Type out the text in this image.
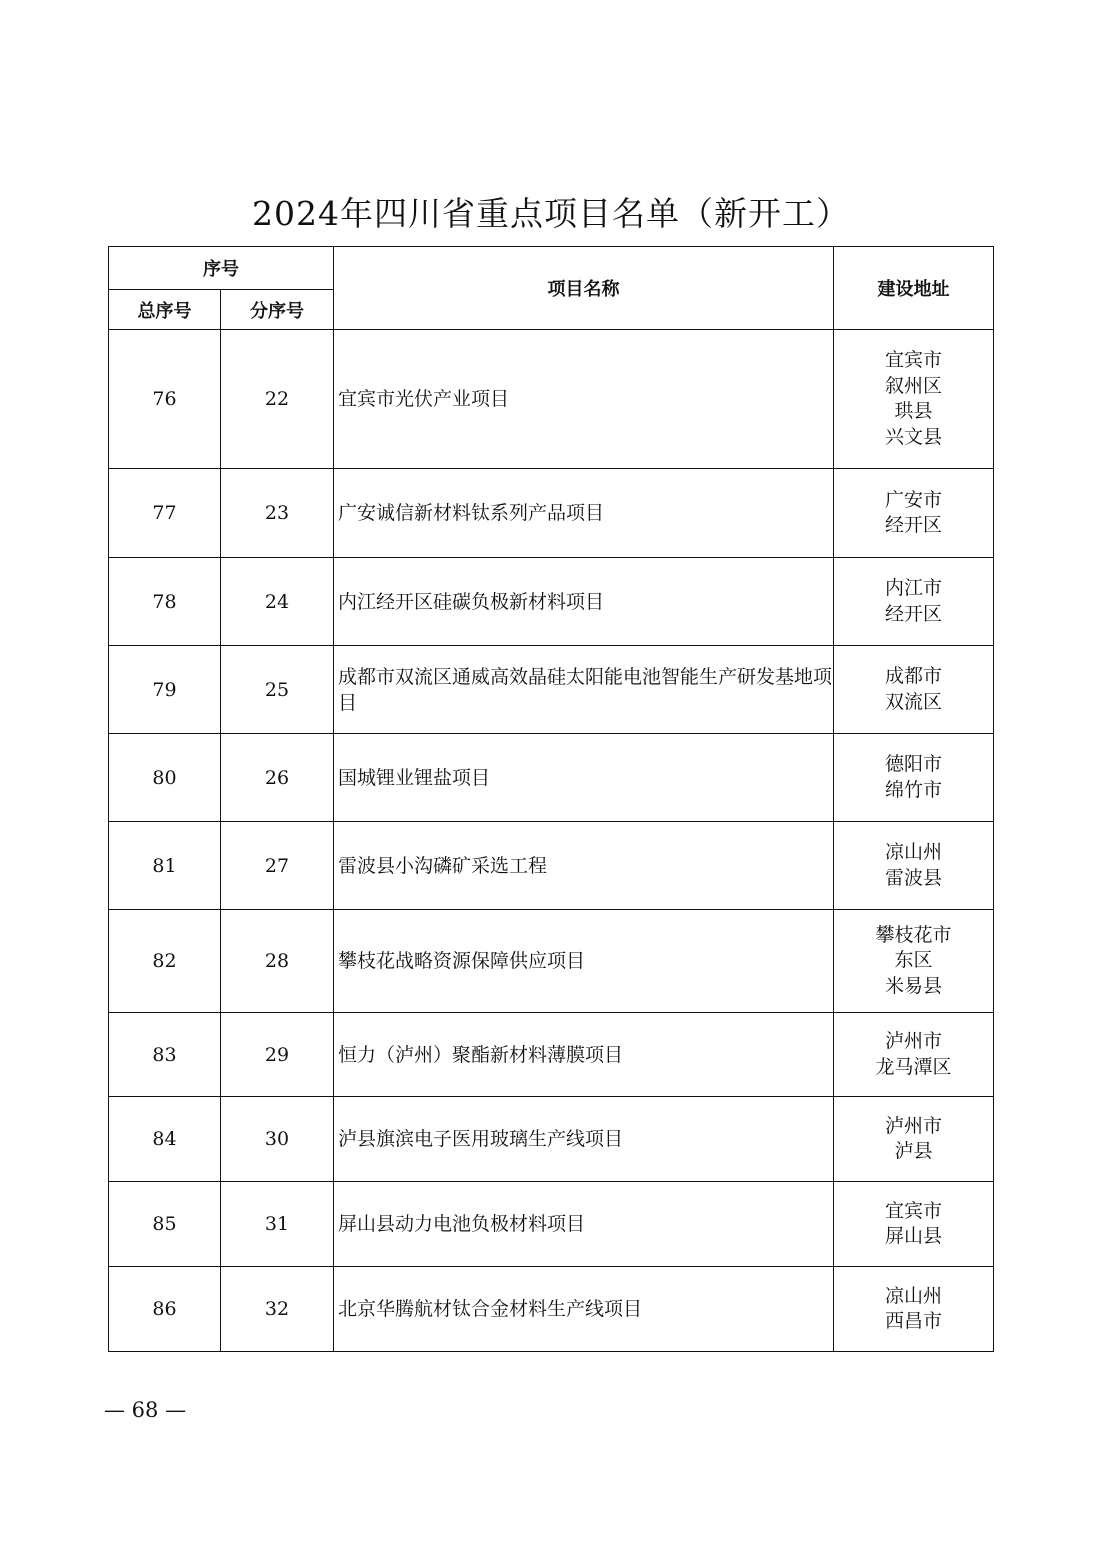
2024年四川省重点项目名单（新开工）
序号		项目名称	建设地址
总序号	分序号		
76	22	宜宾市光伏产业项目	宜宾市
叙州区
珙县
兴文县

77	23	广安诚信新材料钛系列产品项目	广安市
经开区

78	24	内江经开区硅碳负极新材料项目	内江市
经开区

79	25	成都市双流区通威高效晶硅太阳能电池智能生产研发基地项目	成都市
双流区

80	26	国城锂业锂盐项目	德阳市
绵竹市

81	27	雷波县小沟磷矿采选工程	凉山州
雷波县

82	28	攀枝花战略资源保障供应项目	攀枝花市
东区
米易县

83	29	恒力（泸州）聚酯新材料薄膜项目	泸州市
龙马潭区

84	30	泸县旗滨电子医用玻璃生产线项目	泸州市
泸县

85	31	屏山县动力电池负极材料项目	宜宾市
屏山县

86	32	北京华腾航材钛合金材料生产线项目	凉山州
西昌市
— 68 —
